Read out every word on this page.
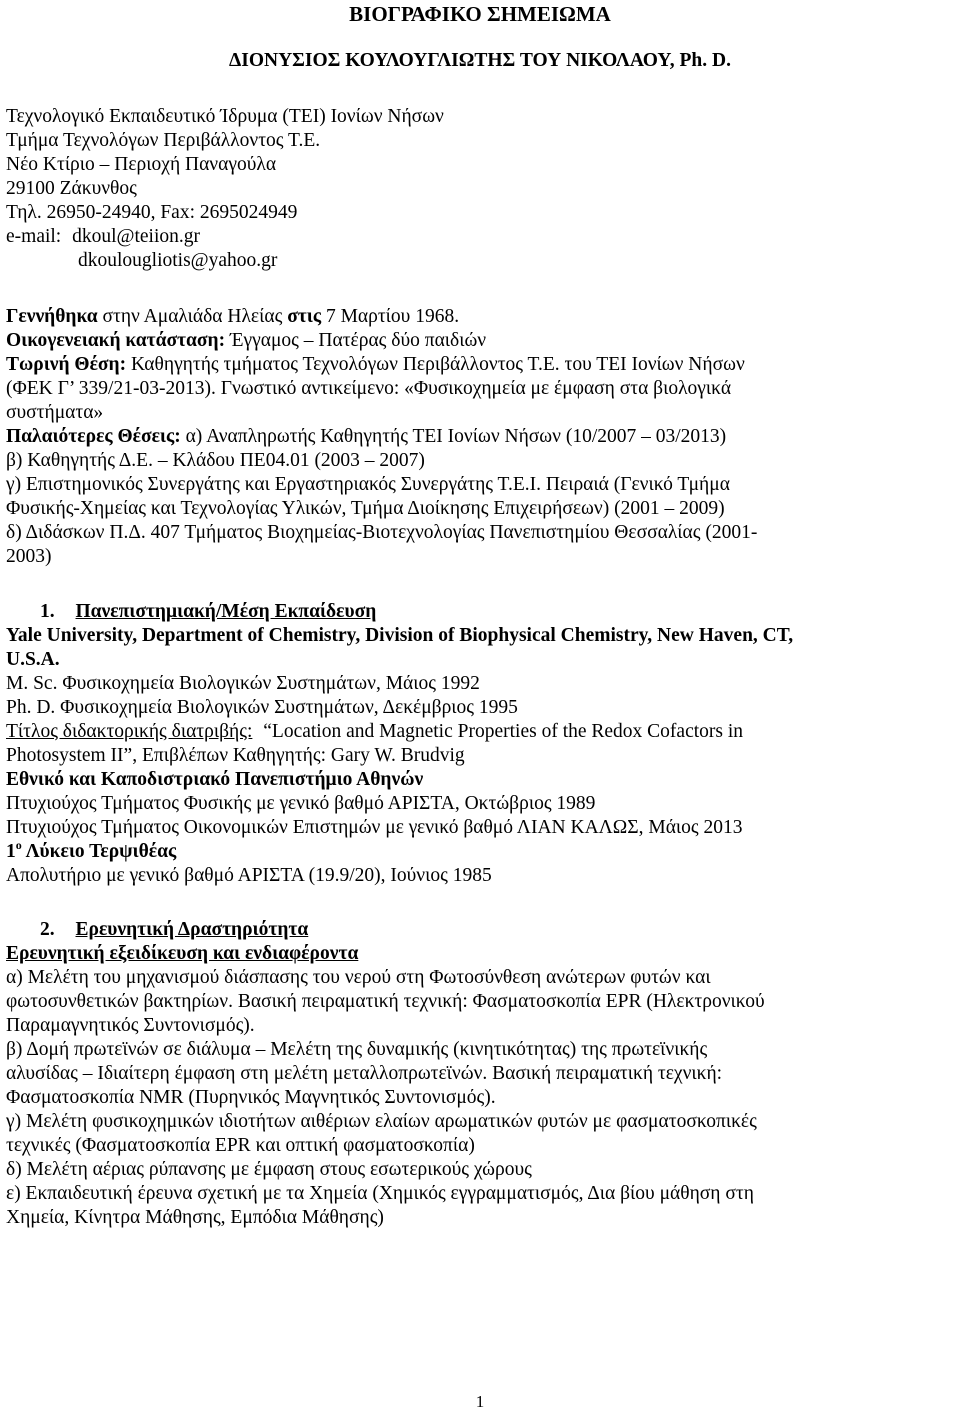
ΒΙΟΓΡΑΦΙΚΟ ΣΗΜΕΙΩΜΑ
ΔΙΟΝΥΣΙΟΣ ΚΟΥΛΟΥΓΛΙΩΤΗΣ ΤΟΥ ΝΙΚΟΛΑΟΥ, Ph. D.
Τεχνολογικό Εκπαιδευτικό Ίδρυμα (ΤΕΙ) Ιονίων Νήσων
Τμήμα Τεχνολόγων Περιβάλλοντος Τ.Ε.
Νέο Κτίριο – Περιοχή Παναγούλα
29100 Ζάκυνθος
Τηλ. 26950-24940, Fax: 2695024949
e-mail: dkoul@teiion.gr
dkoulougliotis@yahoo.gr
Γεννήθηκα στην Αμαλιάδα Ηλείας στις 7 Μαρτίου 1968.
Οικογενειακή κατάσταση: Έγγαμος – Πατέρας δύο παιδιών
Τωρινή Θέση: Καθηγητής τμήματος Τεχνολόγων Περιβάλλοντος Τ.Ε. του ΤΕΙ Ιονίων Νήσων
(ΦΕΚ Γ’ 339/21-03-2013). Γνωστικό αντικείμενο: «Φυσικοχημεία με έμφαση στα βιολογικά
συστήματα»
Παλαιότερες Θέσεις: α) Αναπληρωτής Καθηγητής ΤΕΙ Ιονίων Νήσων (10/2007 – 03/2013)
β) Καθηγητής Δ.Ε. – Κλάδου ΠΕ04.01 (2003 – 2007)
γ) Επιστημονικός Συνεργάτης και Εργαστηριακός Συνεργάτης Τ.Ε.Ι. Πειραιά (Γενικό Τμήμα
Φυσικής-Χημείας και Τεχνολογίας Υλικών, Τμήμα Διοίκησης Επιχειρήσεων) (2001 – 2009)
δ) Διδάσκων Π.Δ. 407 Τμήματος Βιοχημείας-Βιοτεχνολογίας Πανεπιστημίου Θεσσαλίας (2001-
2003)
1. Πανεπιστημιακή/Μέση Εκπαίδευση
Yale University, Department of Chemistry, Division of Biophysical Chemistry, New Haven, CT,
U.S.A.
M. Sc. Φυσικοχημεία Βιολογικών Συστημάτων, Μάιος 1992
Ph. D. Φυσικοχημεία Βιολογικών Συστημάτων, Δεκέμβριος 1995
Τίτλος διδακτορικής διατριβής: “Location and Magnetic Properties of the Redox Cofactors in
Photosystem II”, Επιβλέπων Καθηγητής: Gary W. Brudvig
Εθνικό και Καποδιστριακό Πανεπιστήμιο Αθηνών
Πτυχιούχος Τμήματος Φυσικής με γενικό βαθμό ΑΡΙΣΤΑ, Οκτώβριος 1989
Πτυχιούχος Τμήματος Οικονομικών Επιστημών με γενικό βαθμό ΛΙΑΝ ΚΑΛΩΣ, Μάιος 2013
$1^o$ Λύκειο Τερψιθέας
Απολυτήριο με γενικό βαθμό ΑΡΙΣΤΑ (19.9/20), Ιούνιος 1985
2. Ερευνητική Δραστηριότητα
Ερευνητική εξειδίκευση και ενδιαφέροντα
α) Μελέτη του μηχανισμού διάσπασης του νερού στη Φωτοσύνθεση ανώτερων φυτών και
φωτοσυνθετικών βακτηρίων. Βασική πειραματική τεχνική: Φασματοσκοπία EPR (Ηλεκτρονικού
Παραμαγνητικός Συντονισμός).
β) Δομή πρωτεϊνών σε διάλυμα – Μελέτη της δυναμικής (κινητικότητας) της πρωτεϊνικής
αλυσίδας – Ιδιαίτερη έμφαση στη μελέτη μεταλλοπρωτεϊνών. Βασική πειραματική τεχνική:
Φασματοσκοπία NMR (Πυρηνικός Μαγνητικός Συντονισμός).
γ) Μελέτη φυσικοχημικών ιδιοτήτων αιθέριων ελαίων αρωματικών φυτών με φασματοσκοπικές
τεχνικές (Φασματοσκοπία EPR και οπτική φασματοσκοπία)
δ) Μελέτη αέριας ρύπανσης με έμφαση στους εσωτερικούς χώρους
ε) Εκπαιδευτική έρευνα σχετική με τα Χημεία (Χημικός εγγραμματισμός, Δια βίου μάθηση στη
Χημεία, Κίνητρα Μάθησης, Εμπόδια Μάθησης)
1
